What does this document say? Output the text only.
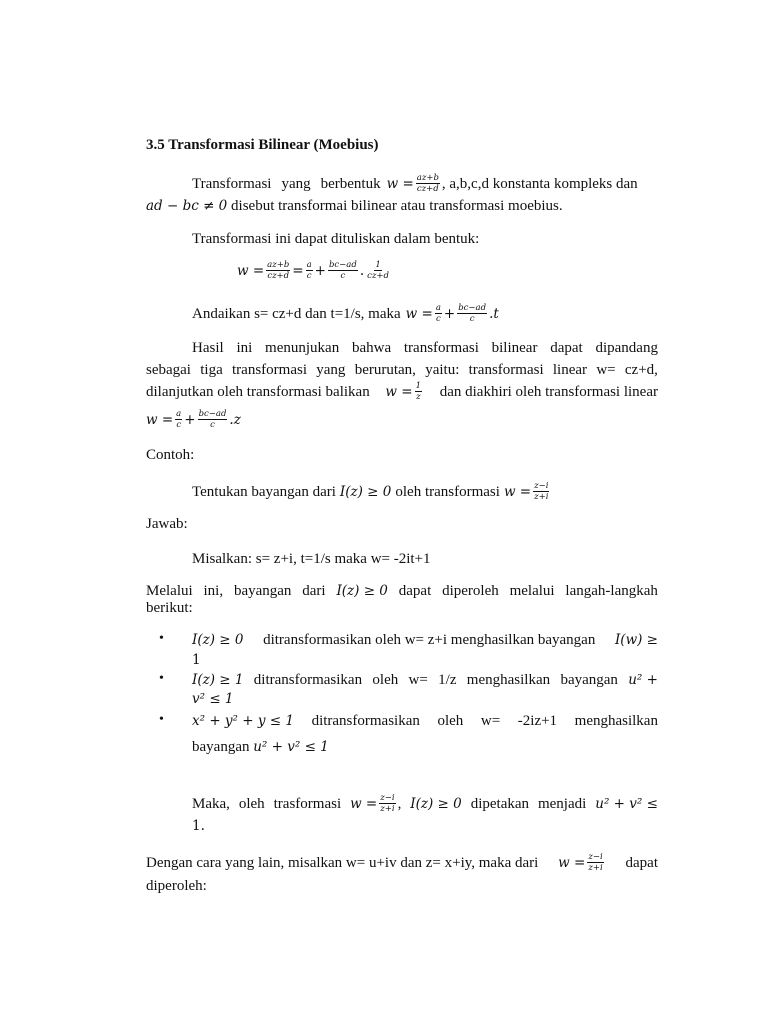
3.5 Transformasi Bilinear (Moebius)
Transformasi yang berbentuk $w = \frac{az+b}{cz+d}$ , a,b,c,d konstanta kompleks dan
ad − bc ≠ 0 disebut transformai bilinear atau transformasi moebius.
Transformasi ini dapat dituliskan dalam bentuk:
$w = \frac{az+b}{cz+d} = \frac{a}{c} + \frac{bc-ad}{c}$ . $\frac{1}{cz+d}$
Andaikan s= cz+d dan t=1/s, maka $w = \frac{a}{c} + \frac{bc-ad}{c} .t$
Hasil ini menunjukan bahwa transformasi bilinear dapat dipandang
sebagai tiga transformasi yang berurutan, yaitu: transformasi linear w= cz+d,
dilanjutkan oleh transformasi balikan $w = \frac{1}{z}$ dan diakhiri oleh transformasi linear
$w = \frac{a}{c} + \frac{bc-ad}{c} .z$
Contoh:
Tentukan bayangan dari I(z) ≥ 0 oleh transformasi $w = \frac{z-i}{z+i}$
Jawab:
Misalkan: s= z+i, t=1/s maka w= -2it+1
Melalui ini, bayangan dari I(z) ≥ 0 dapat diperoleh melalui langah-langkah
berikut:
• I(z) ≥ 0 ditransformasikan oleh w= z+i menghasilkan bayangan I(w) ≥
1
• I(z) ≥ 1 ditransformasikan oleh w= 1/z menghasilkan bayangan u² +
v² ≤ 1
• x² + y² + y ≤ 1 ditransformasikan oleh w= -2iz+1 menghasilkan
bayangan u² + v² ≤ 1
Maka, oleh trasformasi $w = \frac{z-i}{z+i}$ , I(z) ≥ 0 dipetakan menjadi u² + v² ≤
1.
Dengan cara yang lain, misalkan w= u+iv dan z= x+iy, maka dari $w = \frac{z-i}{z+i}$ dapat
diperoleh:
